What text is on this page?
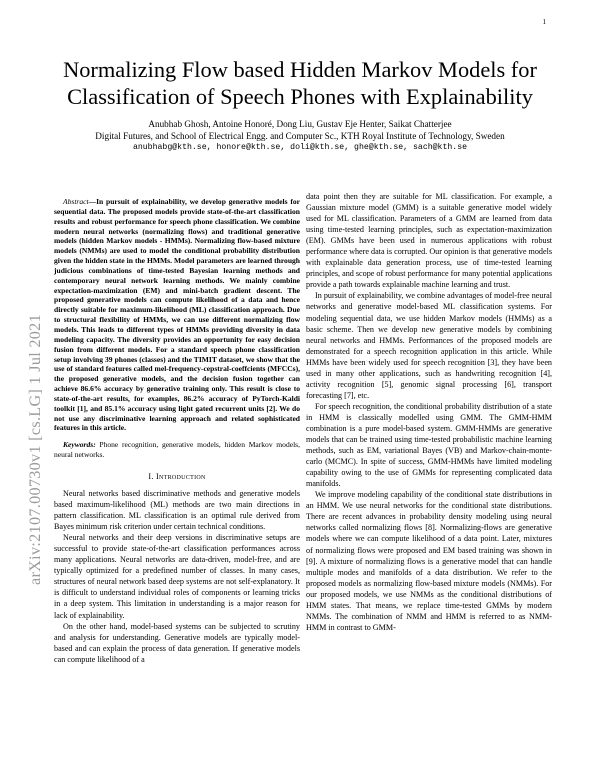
1
arXiv:2107.00730v1 [cs.LG] 1 Jul 2021
Normalizing Flow based Hidden Markov Models for
Classification of Speech Phones with Explainability
Anubhab Ghosh, Antoine Honoré, Dong Liu, Gustav Eje Henter, Saikat Chatterjee
Digital Futures, and School of Electrical Engg. and Computer Sc., KTH Royal Institute of Technology, Sweden
anubhabg@kth.se, honore@kth.se, doli@kth.se, ghe@kth.se, sach@kth.se

Abstract—In pursuit of explainability, we develop generative models for sequential data. The proposed models provide state-of-the-art classification results and robust performance for speech phone classification. We combine modern neural networks (normalizing flows) and traditional generative models (hidden Markov models - HMMs). Normalizing flow-based mixture models (NMMs) are used to model the conditional probability distribution given the hidden state in the HMMs. Model parameters are learned through judicious combinations of time-tested Bayesian learning methods and contemporary neural network learning methods. We mainly combine expectation-maximization (EM) and mini-batch gradient descent. The proposed generative models can compute likelihood of a data and hence directly suitable for maximum-likelihood (ML) classification approach. Due to structural flexibility of HMMs, we can use different normalizing flow models. This leads to different types of HMMs providing diversity in data modeling capacity. The diversity provides an opportunity for easy decision fusion from different models. For a standard speech phone classification setup involving 39 phones (classes) and the TIMIT dataset, we show that the use of standard features called mel-frequency-cepstral-coeffcients (MFCCs), the proposed generative models, and the decision fusion together can achieve 86.6% accuracy by generative training only. This result is close to state-of-the-art results, for examples, 86.2% accuracy of PyTorch-Kaldi toolkit [1], and 85.1% accuracy using light gated recurrent units [2]. We do not use any discriminative learning approach and related sophisticated features in this article.

Keywords: Phone recognition, generative models, hidden Markov models, neural networks.

I. Introduction

Neural networks based discriminative methods and generative models based maximum-likelihood (ML) methods are two main directions in pattern classification. ML classification is an optimal rule derived from Bayes minimum risk criterion under certain technical conditions.

Neural networks and their deep versions in discriminative setups are successful to provide state-of-the-art classification performances across many applications. Neural networks are data-driven, model-free, and are typically optimized for a predefined number of classes. In many cases, structures of neural network based deep systems are not self-explanatory. It is difficult to understand individual roles of components or learning tricks in a deep system. This limitation in understanding is a major reason for lack of explainability.

On the other hand, model-based systems can be subjected to scrutiny and analysis for understanding. Generative models are typically model-based and can explain the process of data generation. If generative models can compute likelihood of a

data point then they are suitable for ML classification. For example, a Gaussian mixture model (GMM) is a suitable generative model widely used for ML classification. Parameters of a GMM are learned from data using time-tested learning principles, such as expectation-maximization (EM). GMMs have been used in numerous applications with robust performance where data is corrupted. Our opinion is that generative models with explainable data generation process, use of time-tested learning principles, and scope of robust performance for many potential applications provide a path towards explainable machine learning and trust.

In pursuit of explainability, we combine advantages of model-free neural networks and generative model-based ML classification systems. For modeling sequential data, we use hidden Markov models (HMMs) as a basic scheme. Then we develop new generative models by combining neural networks and HMMs. Performances of the proposed models are demonstrated for a speech recognition application in this article. While HMMs have been widely used for speech recognition [3], they have been used in many other applications, such as handwriting recognition [4], activity recognition [5], genomic signal processing [6], transport forecasting [7], etc.

For speech recognition, the conditional probability distribution of a state in HMM is classically modelled using GMM. The GMM-HMM combination is a pure model-based system. GMM-HMMs are generative models that can be trained using time-tested probabilistic machine learning methods, such as EM, variational Bayes (VB) and Markov-chain-monte-carlo (MCMC). In spite of success, GMM-HMMs have limited modeling capability owing to the use of GMMs for representing complicated data manifolds.

We improve modeling capability of the conditional state distributions in an HMM. We use neural networks for the conditional state distributions. There are recent advances in probability density modeling using neural networks called normalizing flows [8]. Normalizing-flows are generative models where we can compute likelihood of a data point. Later, mixtures of normalizing flows were proposed and EM based training was shown in [9]. A mixture of normalizing flows is a generative model that can handle multiple modes and manifolds of a data distribution. We refer to the proposed models as normalizing flow-based mixture models (NMMs). For our proposed models, we use NMMs as the conditional distributions of HMM states. That means, we replace time-tested GMMs by modern NMMs. The combination of NMM and HMM is referred to as NMM-HMM in contrast to GMM-
